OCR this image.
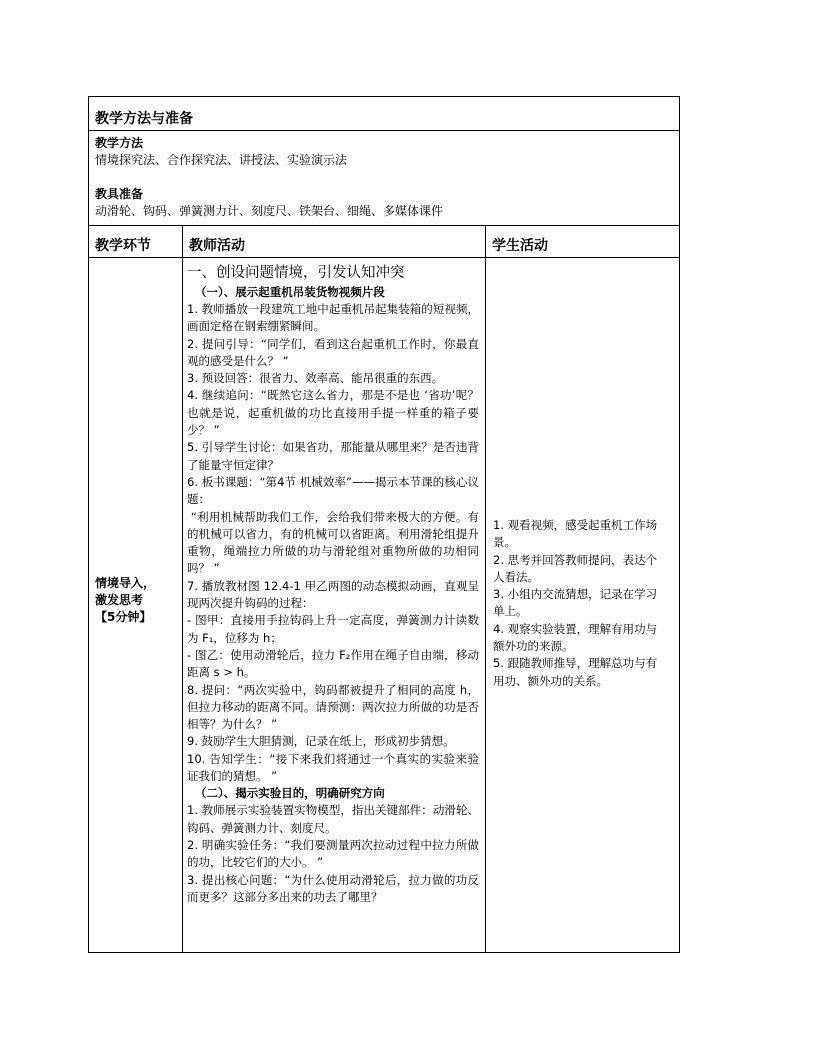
教学方法与准备
教学方法
情境探究法、合作探究法、讲授法、实验演示法
教具准备
动滑轮、钩码、弹簧测力计、刻度尺、铁架台、细绳、多媒体课件
教学环节	教师活动	学生活动
情境导入，
激发思考
【5分钟】
一、创设问题情境，引发认知冲突
（一）、展示起重机吊装货物视频片段
1. 教师播放一段建筑工地中起重机吊起集装箱的短视频，画面定格在钢索绷紧瞬间。
2. 提问引导：“同学们，看到这台起重机工作时，你最直观的感受是什么？ ”
3. 预设回答：很省力、效率高、能吊很重的东西。
4. 继续追问：“既然它这么省力，那是不是也 ‘省功’呢？也就是说，起重机做的功比直接用手提一样重的箱子要少？ ”
5. 引导学生讨论：如果省功，那能量从哪里来？是否违背了能量守恒定律？
6. 板书课题：“第4节 机械效率”——揭示本节课的核心议题：
“利用机械帮助我们工作，会给我们带来极大的方便。有的机械可以省力，有的机械可以省距离。利用滑轮组提升重物，绳端拉力所做的功与滑轮组对重物所做的功相同吗？ ”
7. 播放教材图 12.4-1 甲乙两图的动态模拟动画，直观呈现两次提升钩码的过程：
- 图甲：直接用手拉钩码上升一定高度，弹簧测力计读数为 F₁，位移为 h；
- 图乙：使用动滑轮后，拉力 F₂作用在绳子自由端，移动距离 s > h。
8. 提问：“两次实验中，钩码都被提升了相同的高度 h，但拉力移动的距离不同。请预测：两次拉力所做的功是否相等？为什么？ ”
9. 鼓励学生大胆猜测，记录在纸上，形成初步猜想。
10. 告知学生：“接下来我们将通过一个真实的实验来验证我们的猜想。 ”
（二）、揭示实验目的，明确研究方向
1. 教师展示实验装置实物模型，指出关键部件：动滑轮、钩码、弹簧测力计、刻度尺。
2. 明确实验任务：“我们要测量两次拉动过程中拉力所做的功，比较它们的大小。 ”
3. 提出核心问题：“为什么使用动滑轮后，拉力做的功反而更多？这部分多出来的功去了哪里？
1. 观看视频，感受起重机工作场景。
2. 思考并回答教师提问，表达个人看法。
3. 小组内交流猜想，记录在学习单上。
4. 观察实验装置，理解有用功与额外功的来源。
5. 跟随教师推导，理解总功与有用功、额外功的关系。
